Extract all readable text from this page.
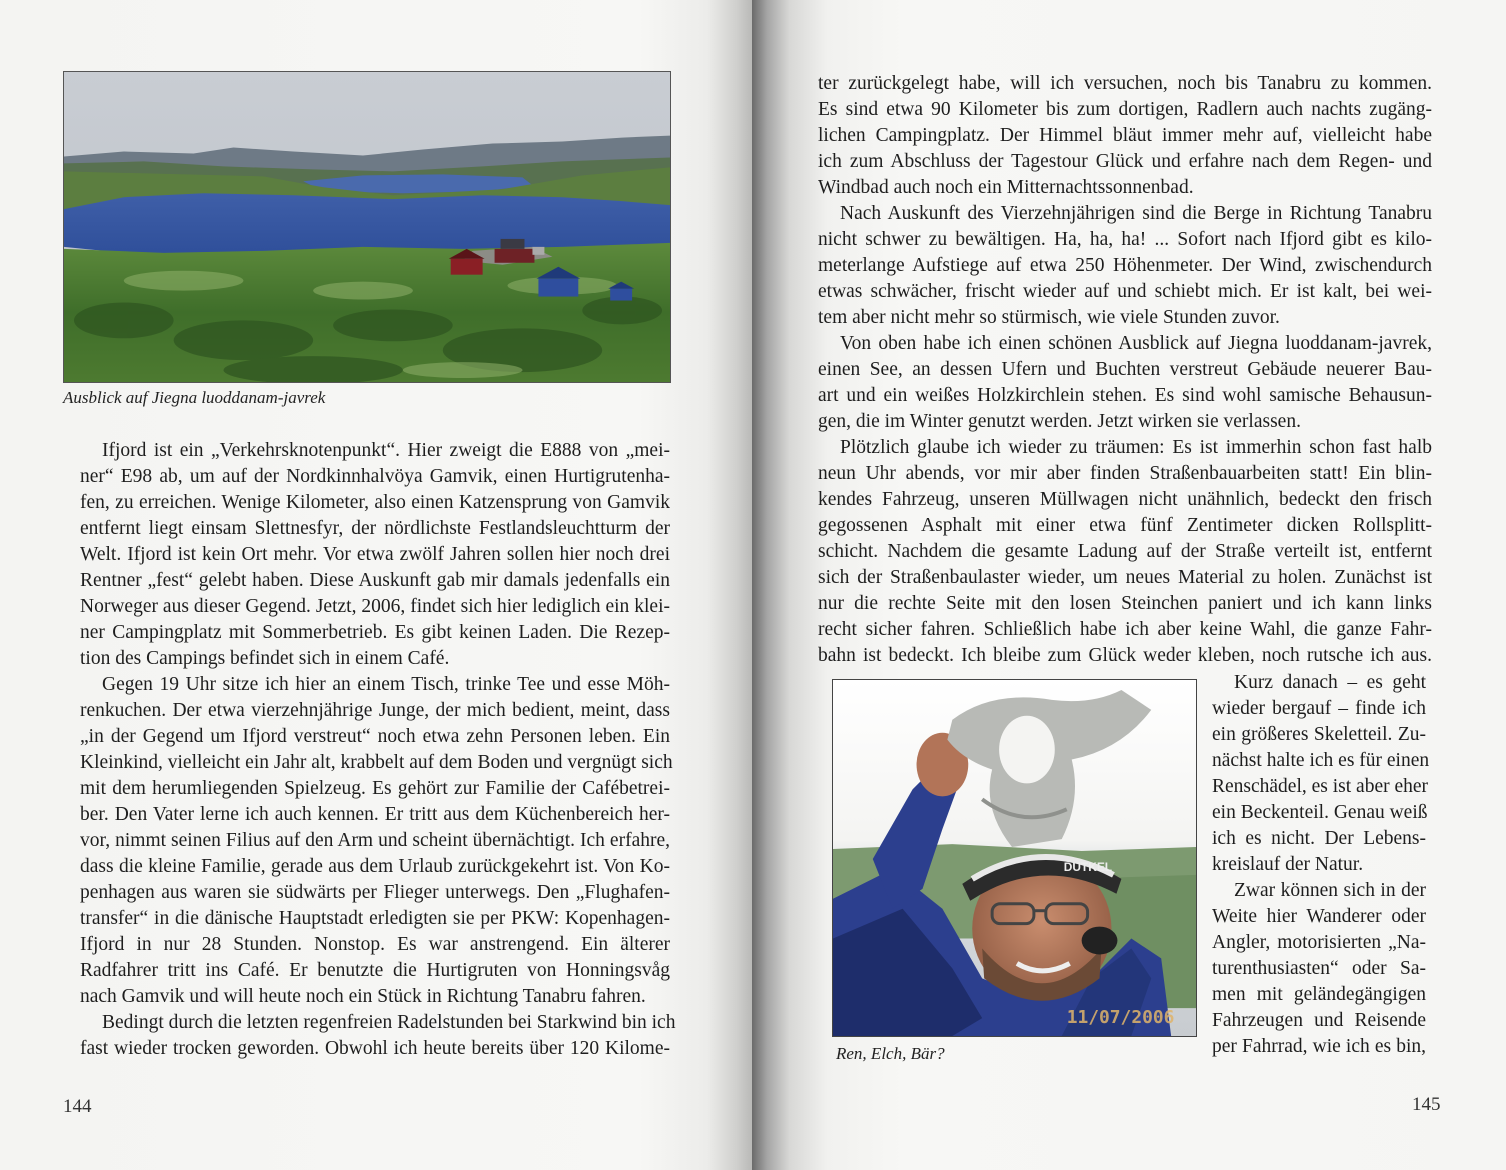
Ausblick auf Jiegna luoddanam-javrek
Ifjord ist ein „Verkehrsknotenpunkt“. Hier zweigt die E888 von „mei-
ner“ E98 ab, um auf der Nordkinnhalvöya Gamvik, einen Hurtigrutenha-
fen, zu erreichen. Wenige Kilometer, also einen Katzensprung von Gamvik
entfernt liegt einsam Slettnesfyr, der nördlichste Festlandsleuchtturm der
Welt. Ifjord ist kein Ort mehr. Vor etwa zwölf Jahren sollen hier noch drei
Rentner „fest“ gelebt haben. Diese Auskunft gab mir damals jedenfalls ein
Norweger aus dieser Gegend. Jetzt, 2006, findet sich hier lediglich ein klei-
ner Campingplatz mit Sommerbetrieb. Es gibt keinen Laden. Die Rezep-
tion des Campings befindet sich in einem Café.
Gegen 19 Uhr sitze ich hier an einem Tisch, trinke Tee und esse Möh-
renkuchen. Der etwa vierzehnjährige Junge, der mich bedient, meint, dass
„in der Gegend um Ifjord verstreut“ noch etwa zehn Personen leben. Ein
Kleinkind, vielleicht ein Jahr alt, krabbelt auf dem Boden und vergnügt sich
mit dem herumliegenden Spielzeug. Es gehört zur Familie der Cafébetrei-
ber. Den Vater lerne ich auch kennen. Er tritt aus dem Küchenbereich her-
vor, nimmt seinen Filius auf den Arm und scheint übernächtigt. Ich erfahre,
dass die kleine Familie, gerade aus dem Urlaub zurückgekehrt ist. Von Ko-
penhagen aus waren sie südwärts per Flieger unterwegs. Den „Flughafen-
transfer“ in die dänische Hauptstadt erledigten sie per PKW: Kopenhagen-
Ifjord in nur 28 Stunden. Nonstop. Es war anstrengend. Ein älterer
Radfahrer tritt ins Café. Er benutzte die Hurtigruten von Honningsvåg
nach Gamvik und will heute noch ein Stück in Richtung Tanabru fahren.
Bedingt durch die letzten regenfreien Radelstunden bei Starkwind bin ich
fast wieder trocken geworden. Obwohl ich heute bereits über 120 Kilome-
144
ter zurückgelegt habe, will ich versuchen, noch bis Tanabru zu kommen.
Es sind etwa 90 Kilometer bis zum dortigen, Radlern auch nachts zugäng-
lichen Campingplatz. Der Himmel bläut immer mehr auf, vielleicht habe
ich zum Abschluss der Tagestour Glück und erfahre nach dem Regen- und
Windbad auch noch ein Mitternachtssonnenbad.
Nach Auskunft des Vierzehnjährigen sind die Berge in Richtung Tanabru
nicht schwer zu bewältigen. Ha, ha, ha! ... Sofort nach Ifjord gibt es kilo-
meterlange Aufstiege auf etwa 250 Höhenmeter. Der Wind, zwischendurch
etwas schwächer, frischt wieder auf und schiebt mich. Er ist kalt, bei wei-
tem aber nicht mehr so stürmisch, wie viele Stunden zuvor.
Von oben habe ich einen schönen Ausblick auf Jiegna luoddanam-javrek,
einen See, an dessen Ufern und Buchten verstreut Gebäude neuerer Bau-
art und ein weißes Holzkirchlein stehen. Es sind wohl samische Behausun-
gen, die im Winter genutzt werden. Jetzt wirken sie verlassen.
Plötzlich glaube ich wieder zu träumen: Es ist immerhin schon fast halb
neun Uhr abends, vor mir aber finden Straßenbauarbeiten statt! Ein blin-
kendes Fahrzeug, unseren Müllwagen nicht unähnlich, bedeckt den frisch
gegossenen Asphalt mit einer etwa fünf Zentimeter dicken Rollsplitt-
schicht. Nachdem die gesamte Ladung auf der Straße verteilt ist, entfernt
sich der Straßenbaulaster wieder, um neues Material zu holen. Zunächst ist
nur die rechte Seite mit den losen Steinchen paniert und ich kann links
recht sicher fahren. Schließlich habe ich aber keine Wahl, die ganze Fahr-
bahn ist bedeckt. Ich bleibe zum Glück weder kleben, noch rutsche ich aus.
Kurz danach – es geht
wieder bergauf – finde ich
ein größeres Skeletteil. Zu-
nächst halte ich es für einen
Renschädel, es ist aber eher
ein Beckenteil. Genau weiß
ich es nicht. Der Lebens-
kreislauf der Natur.
Zwar können sich in der
Weite hier Wanderer oder
Angler, motorisierten „Na-
turenthusiasten“ oder Sa-
men mit geländegängigen
Fahrzeugen und Reisende
per Fahrrad, wie ich es bin,
Ren, Elch, Bär?
145
DUTKEL
11/07/2006
